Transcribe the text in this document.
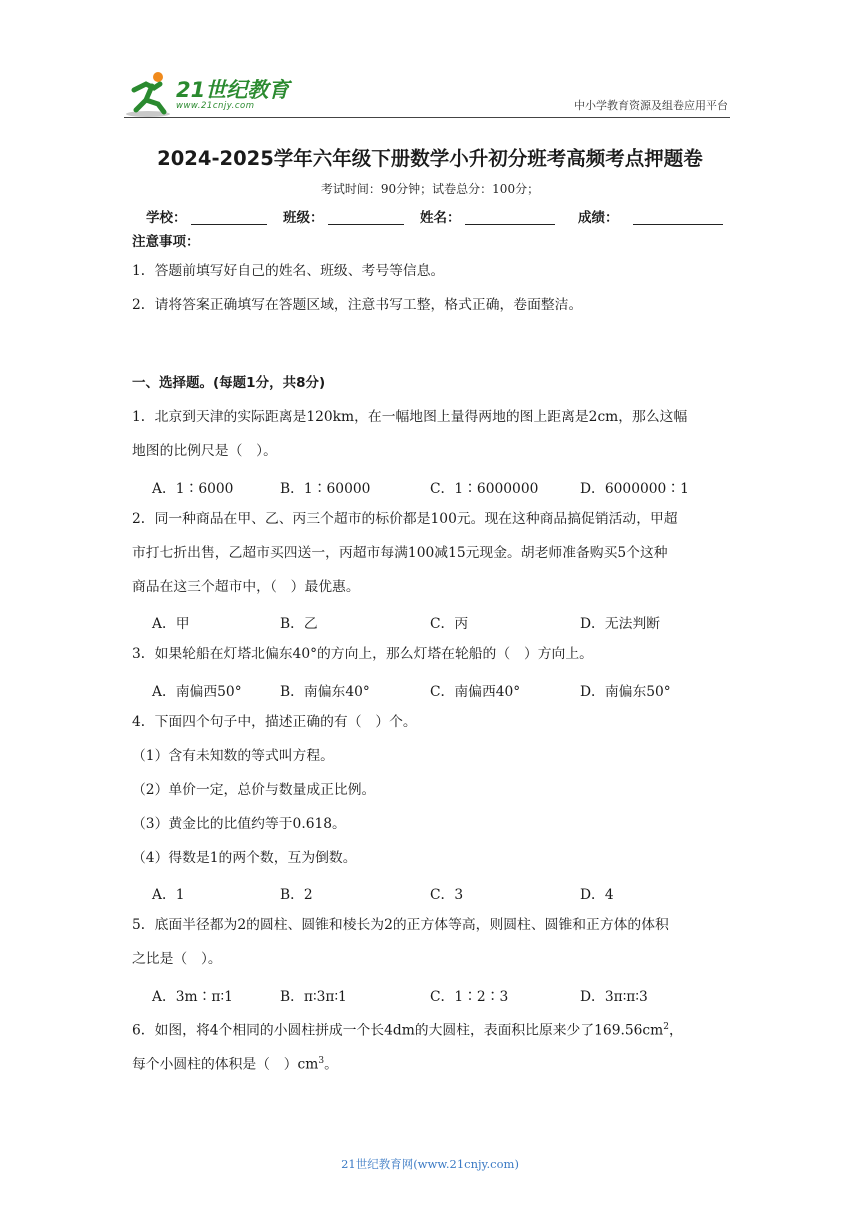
21世纪教育
www.21cnjy.com	中小学教育资源及组卷应用平台
2024-2025学年六年级下册数学小升初分班考高频考点押题卷
考试时间：90分钟；试卷总分：100分；
学校：	班级：	姓名：	成绩：
注意事项：
1．答题前填写好自己的姓名、班级、考号等信息。
2．请将答案正确填写在答题区域，注意书写工整，格式正确，卷面整洁。
一、选择题。(每题1分，共8分)
1．北京到天津的实际距离是120km，在一幅地图上量得两地的图上距离是2cm，那么这幅
地图的比例尺是（　）。
A．1∶6000	B．1∶60000	C．1∶6000000	D．6000000∶1
2．同一种商品在甲、乙、丙三个超市的标价都是100元。现在这种商品搞促销活动，甲超
市打七折出售，乙超市买四送一，丙超市每满100减15元现金。胡老师准备购买5个这种
商品在这三个超市中，（　）最优惠。
A．甲	B．乙	C．丙	D．无法判断
3．如果轮船在灯塔北偏东40°的方向上，那么灯塔在轮船的（　）方向上。
A．南偏西50°	B．南偏东40°	C．南偏西40°	D．南偏东50°
4．下面四个句子中，描述正确的有（　）个。
（1）含有未知数的等式叫方程。
（2）单价一定，总价与数量成正比例。
（3）黄金比的比值约等于0.618。
（4）得数是1的两个数，互为倒数。
A．1	B．2	C．3	D．4
5．底面半径都为2的圆柱、圆锥和棱长为2的正方体等高，则圆柱、圆锥和正方体的体积
之比是（　）。
A．3m∶π∶1	B．π∶3π∶1	C．1∶2∶3	D．3π∶π∶3
6．如图，将4个相同的小圆柱拼成一个长4dm的大圆柱，表面积比原来少了$169.56cm^2$，
每个小圆柱的体积是（　）$cm^3$。
21世纪教育网(www.21cnjy.com)
